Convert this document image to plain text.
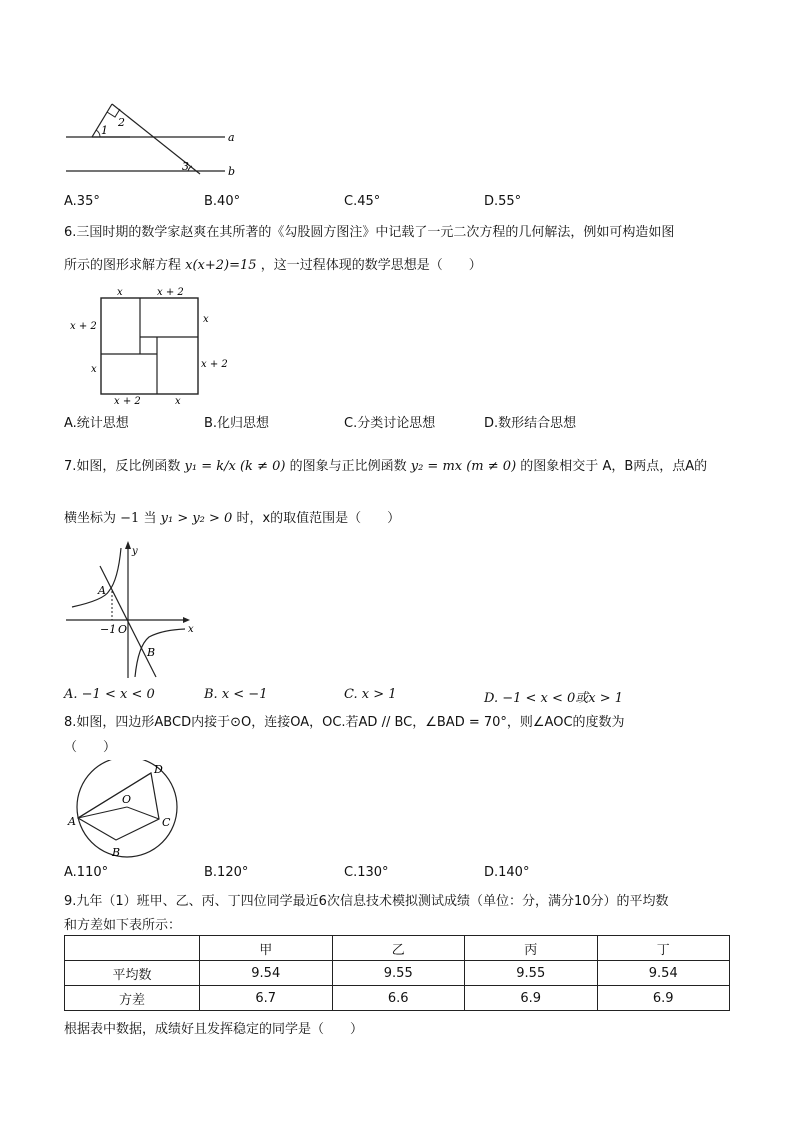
1
2
3
a
b
A.35°	B.40°	C.45°	D.55°
6.三国时期的数学家赵爽在其所著的《勾股圆方图注》中记载了一元二次方程的几何解法，例如可构造如图
所示的图形求解方程 x(x+2)=15 ，这一过程体现的数学思想是（　　）
x	x + 2
x + 2
x
x
x + 2
x + 2	x
A.统计思想	B.化归思想	C.分类讨论思想	D.数形结合思想
7.如图，反比例函数 y₁ = k/x (k ≠ 0) 的图象与正比例函数 y₂ = mx (m ≠ 0) 的图象相交于 A，B两点，点A的
横坐标为 −1 当 y₁ > y₂ > 0 时，x的取值范围是（　　）
y
x
A
B
−1 O
A. −1 < x < 0	B. x < −1	C. x > 1	D. −1 < x < 0或x > 1
8.如图，四边形ABCD内接于⊙O，连接OA，OC.若AD // BC，∠BAD = 70°，则∠AOC的度数为
（　　）
A
B
C
D
O
A.110°	B.120°	C.130°	D.140°
9.九年（1）班甲、乙、丙、丁四位同学最近6次信息技术模拟测试成绩（单位：分，满分10分）的平均数
和方差如下表所示：
	甲	乙	丙	丁
平均数	9.54	9.55	9.55	9.54
方差	6.7	6.6	6.9	6.9
根据表中数据，成绩好且发挥稳定的同学是（　　）
